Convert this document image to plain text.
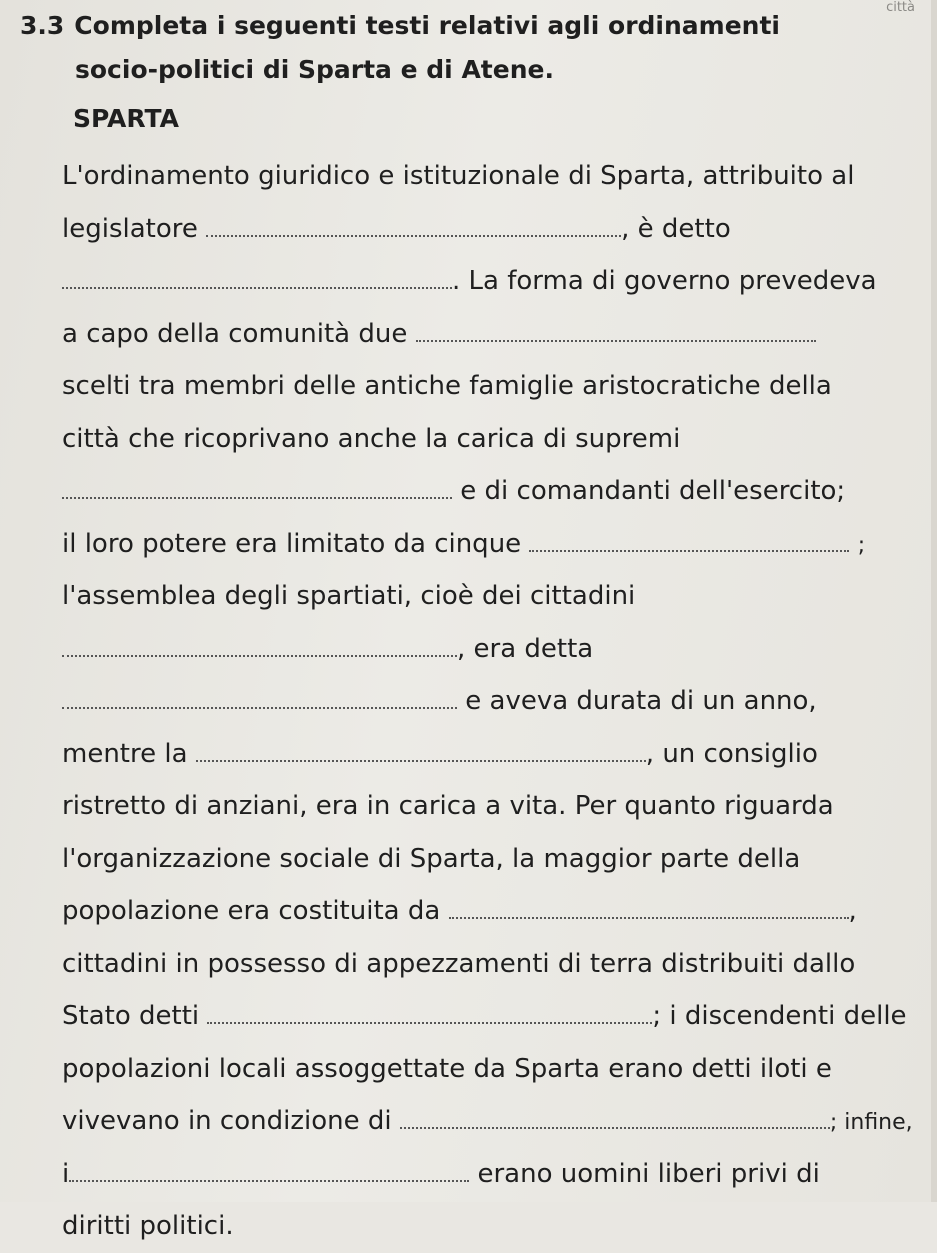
città
3.3 Completa i seguenti testi relativi agli ordinamenti
socio-politici di Sparta e di Atene.
SPARTA
L'ordinamento giuridico e istituzionale di Sparta, attribuito al
legislatore	, è detto
. La forma di governo prevedeva
a capo della comunità due
scelti tra membri delle antiche famiglie aristocratiche della
città che ricoprivano anche la carica di supremi
e di comandanti dell'esercito;
il loro potere era limitato da cinque	;
l'assemblea degli spartiati, cioè dei cittadini
, era detta
e aveva durata di un anno,
mentre la	, un consiglio
ristretto di anziani, era in carica a vita. Per quanto riguarda
l'organizzazione sociale di Sparta, la maggior parte della
popolazione era costituita da	,
cittadini in possesso di appezzamenti di terra distribuiti dallo
Stato detti	; i discendenti delle
popolazioni locali assoggettate da Sparta erano detti iloti e
vivevano in condizione di	; infine,
i	erano uomini liberi privi di
diritti politici.
